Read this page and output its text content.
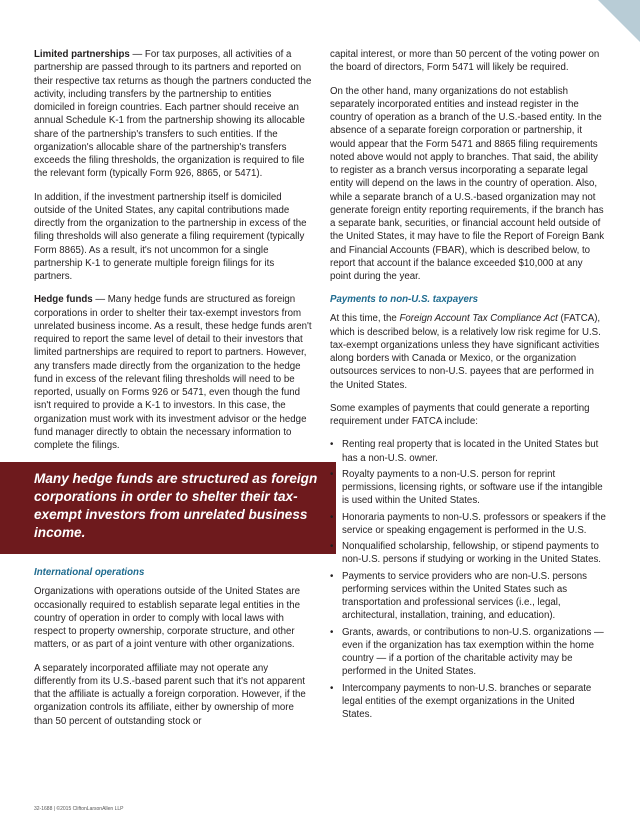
Limited partnerships — For tax purposes, all activities of a partnership are passed through to its partners and reported on their respective tax returns as though the partners conducted the activity, including transfers by the partnership to entities domiciled in foreign countries. Each partner should receive an annual Schedule K-1 from the partnership showing its allocable share of the partnership's transfers to such entities. If the organization's allocable share of the partnership's transfers exceeds the filing thresholds, the organization is required to file the relevant form (typically Form 926, 8865, or 5471).

In addition, if the investment partnership itself is domiciled outside of the United States, any capital contributions made directly from the organization to the partnership in excess of the filing thresholds will also generate a filing requirement (typically Form 8865). As a result, it's not uncommon for a single partnership K-1 to generate multiple foreign filings for its partners.

Hedge funds — Many hedge funds are structured as foreign corporations in order to shelter their tax-exempt investors from unrelated business income. As a result, these hedge funds aren't required to report the same level of detail to their investors that limited partnerships are required to report to partners. However, any transfers made directly from the organization to the hedge fund in excess of the relevant filing thresholds will need to be reported, usually on Forms 926 or 5471, even though the fund isn't required to provide a K-1 to investors. In this case, the organization must work with its investment advisor or the hedge fund manager directly to obtain the necessary information to complete the filings.

Many hedge funds are structured as foreign corporations in order to shelter their tax-exempt investors from unrelated business income.
International operations

Organizations with operations outside of the United States are occasionally required to establish separate legal entities in the country of operation in order to comply with local laws with respect to property ownership, corporate structure, and other matters, or as part of a joint venture with other organizations.

A separately incorporated affiliate may not operate any differently from its U.S.-based parent such that it's not apparent that the affiliate is actually a foreign corporation. However, if the organization controls its affiliate, either by ownership of more than 50 percent of outstanding stock or

capital interest, or more than 50 percent of the voting power on the board of directors, Form 5471 will likely be required.

On the other hand, many organizations do not establish separately incorporated entities and instead register in the country of operation as a branch of the U.S.-based entity. In the absence of a separate foreign corporation or partnership, it would appear that the Form 5471 and 8865 filing requirements noted above would not apply to branches. That said, the ability to register as a branch versus incorporating a separate legal entity will depend on the laws in the country of operation. Also, while a separate branch of a U.S.-based organization may not generate foreign entity reporting requirements, if the branch has a separate bank, securities, or financial account held outside of the United States, it may have to file the Report of Foreign Bank and Financial Accounts (FBAR), which is described below, to report that account if the balance exceeded $10,000 at any point during the year.

Payments to non-U.S. taxpayers

At this time, the Foreign Account Tax Compliance Act (FATCA), which is described below, is a relatively low risk regime for U.S. tax-exempt organizations unless they have significant activities along borders with Canada or Mexico, or the organization outsources services to non-U.S. payees that are performed in the United States.

Some examples of payments that could generate a reporting requirement under FATCA include:

• Renting real property that is located in the United States but has a non-U.S. owner.
• Royalty payments to a non-U.S. person for reprint permissions, licensing rights, or software use if the intangible is used within the United States.
• Honoraria payments to non-U.S. professors or speakers if the service or speaking engagement is performed in the U.S.
• Nonqualified scholarship, fellowship, or stipend payments to non-U.S. persons if studying or working in the United States.
• Payments to service providers who are non-U.S. persons performing services within the United States such as transportation and professional services (i.e., legal, architectural, installation, training, and education).
• Grants, awards, or contributions to non-U.S. organizations — even if the organization has tax exemption within the home country — if a portion of the charitable activity may be performed in the United States.
• Intercompany payments to non-U.S. branches or separate legal entities of the exempt organizations in the United States.
32-1688 | ©2015 CliftonLarsonAllen LLP
